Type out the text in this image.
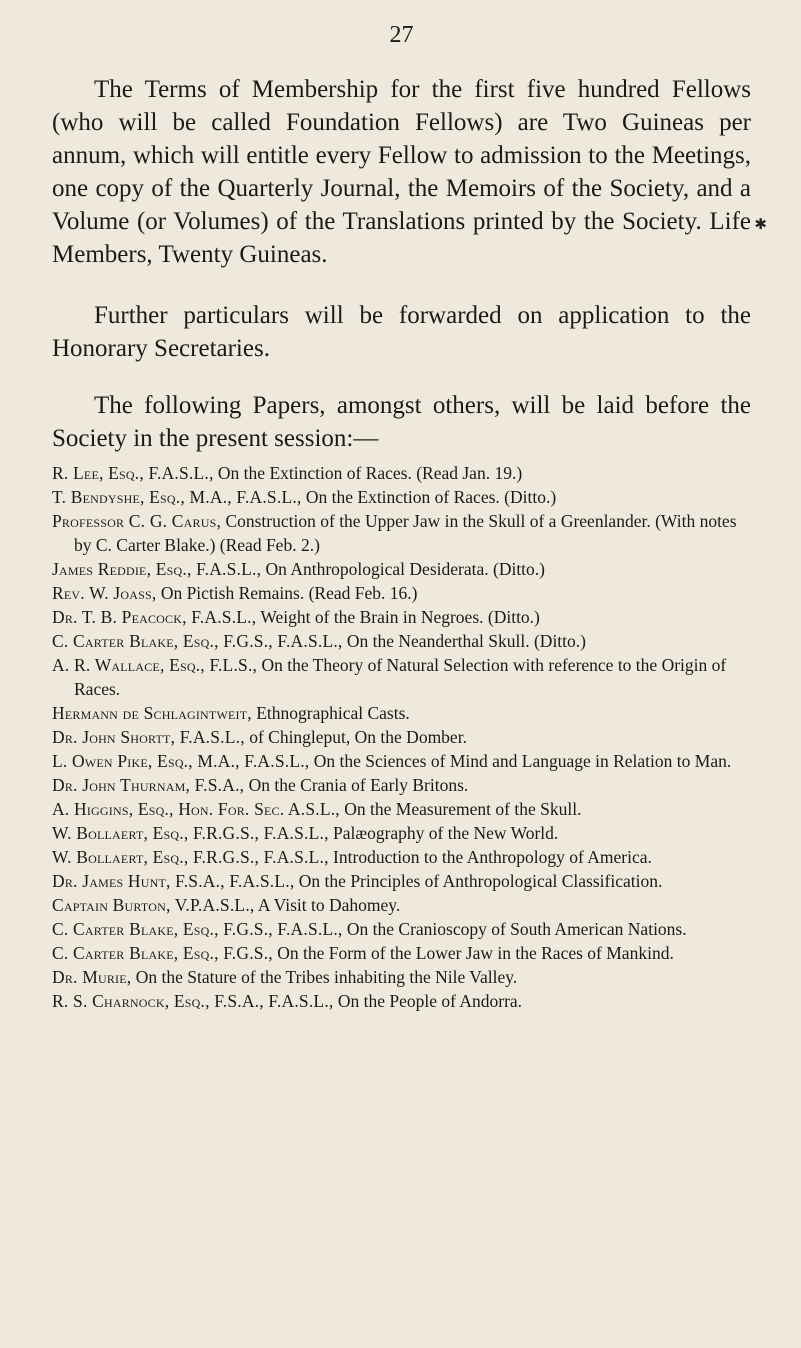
27

The Terms of Membership for the first five hundred Fellows (who will be called Foundation Fellows) are Two Guineas per annum, which will entitle every Fellow to admission to the Meetings, one copy of the Quarterly Journal, the Memoirs of the Society, and a Volume (or Volumes) of the Translations printed by the Society. Life Members, Twenty Guineas.

✱

Further particulars will be forwarded on application to the Honorary Secretaries.

The following Papers, amongst others, will be laid before the Society in the present session:—

R. Lee, Esq., F.A.S.L., On the Extinction of Races. (Read Jan. 19.)
T. Bendyshe, Esq., M.A., F.A.S.L., On the Extinction of Races. (Ditto.)
Professor C. G. Carus, Construction of the Upper Jaw in the Skull of a Greenlander. (With notes by C. Carter Blake.) (Read Feb. 2.)
James Reddie, Esq., F.A.S.L., On Anthropological Desiderata. (Ditto.)
Rev. W. Joass, On Pictish Remains. (Read Feb. 16.)
Dr. T. B. Peacock, F.A.S.L., Weight of the Brain in Negroes. (Ditto.)
C. Carter Blake, Esq., F.G.S., F.A.S.L., On the Neanderthal Skull. (Ditto.)
A. R. Wallace, Esq., F.L.S., On the Theory of Natural Selection with reference to the Origin of Races.
Hermann de Schlagintweit, Ethnographical Casts.
Dr. John Shortt, F.A.S.L., of Chingleput, On the Domber.
L. Owen Pike, Esq., M.A., F.A.S.L., On the Sciences of Mind and Language in Relation to Man.
Dr. John Thurnam, F.S.A., On the Crania of Early Britons.
A. Higgins, Esq., Hon. For. Sec. A.S.L., On the Measurement of the Skull.
W. Bollaert, Esq., F.R.G.S., F.A.S.L., Palæography of the New World.
W. Bollaert, Esq., F.R.G.S., F.A.S.L., Introduction to the Anthropology of America.
Dr. James Hunt, F.S.A., F.A.S.L., On the Principles of Anthropological Classification.
Captain Burton, V.P.A.S.L., A Visit to Dahomey.
C. Carter Blake, Esq., F.G.S., F.A.S.L., On the Cranioscopy of South American Nations.
C. Carter Blake, Esq., F.G.S., On the Form of the Lower Jaw in the Races of Mankind.
Dr. Murie, On the Stature of the Tribes inhabiting the Nile Valley.
R. S. Charnock, Esq., F.S.A., F.A.S.L., On the People of Andorra.
